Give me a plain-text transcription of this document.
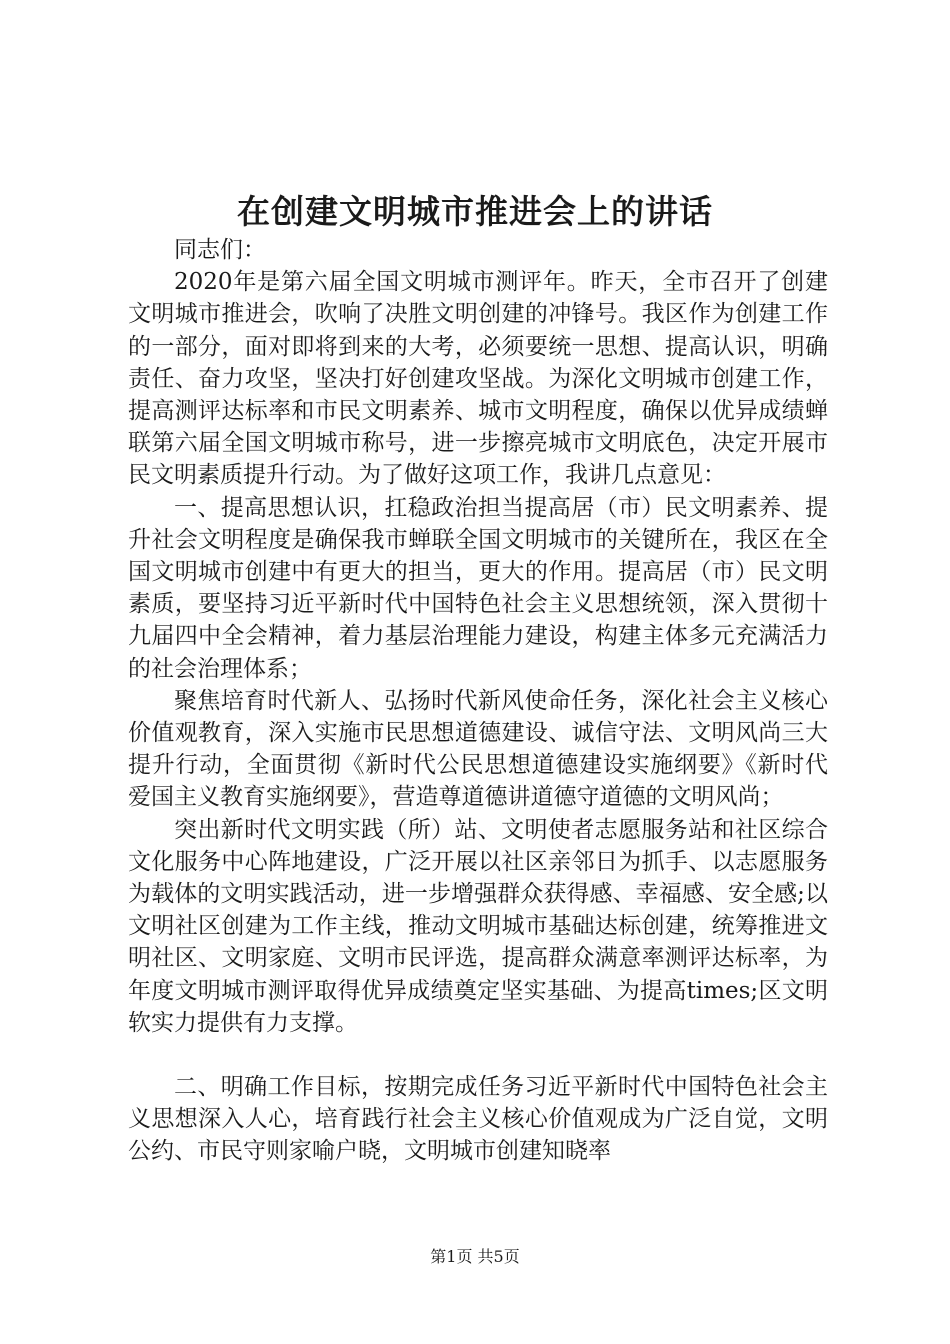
在创建文明城市推进会上的讲话

同志们：

2020年是第六届全国文明城市测评年。昨天，全市召开了创建文明城市推进会，吹响了决胜文明创建的冲锋号。我区作为创建工作的一部分，面对即将到来的大考，必须要统一思想、提高认识，明确责任、奋力攻坚，坚决打好创建攻坚战。为深化文明城市创建工作，提高测评达标率和市民文明素养、城市文明程度，确保以优异成绩蝉联第六届全国文明城市称号，进一步擦亮城市文明底色，决定开展市民文明素质提升行动。为了做好这项工作，我讲几点意见：

一、提高思想认识，扛稳政治担当提高居（市）民文明素养、提升社会文明程度是确保我市蝉联全国文明城市的关键所在，我区在全国文明城市创建中有更大的担当，更大的作用。提高居（市）民文明素质，要坚持习近平新时代中国特色社会主义思想统领，深入贯彻十九届四中全会精神，着力基层治理能力建设，构建主体多元充满活力的社会治理体系；

聚焦培育时代新人、弘扬时代新风使命任务，深化社会主义核心价值观教育，深入实施市民思想道德建设、诚信守法、文明风尚三大提升行动，全面贯彻《新时代公民思想道德建设实施纲要》《新时代爱国主义教育实施纲要》，营造尊道德讲道德守道德的文明风尚；

突出新时代文明实践（所）站、文明使者志愿服务站和社区综合文化服务中心阵地建设，广泛开展以社区亲邻日为抓手、以志愿服务为载体的文明实践活动，进一步增强群众获得感、幸福感、安全感;以文明社区创建为工作主线，推动文明城市基础达标创建，统筹推进文明社区、文明家庭、文明市民评选，提高群众满意率测评达标率，为年度文明城市测评取得优异成绩奠定坚实基础、为提高times;区文明软实力提供有力支撑。

二、明确工作目标，按期完成任务习近平新时代中国特色社会主义思想深入人心，培育践行社会主义核心价值观成为广泛自觉，文明公约、市民守则家喻户晓，文明城市创建知晓率

第1页 共5页
